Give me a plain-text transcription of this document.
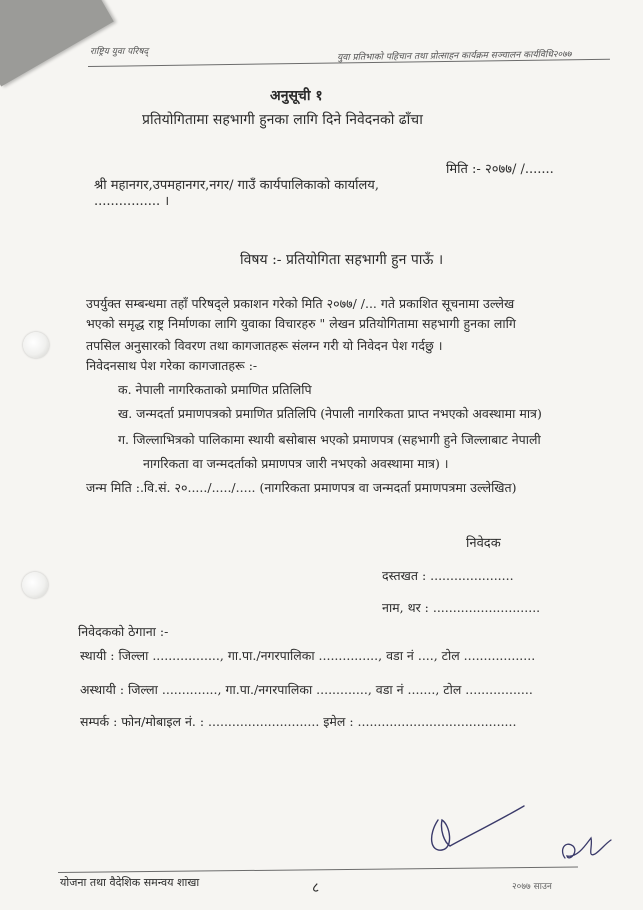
राष्ट्रिय युवा परिषद्	युवा प्रतिभाको पहिचान तथा प्रोत्साहन कार्यक्रम सञ्चालन कार्यविधि२०७७
अनुसूची १
प्रतियोगितामा सहभागी हुनका लागि दिने निवेदनको ढाँचा
मिति :- २०७७/ /.......
श्री महानगर,उपमहानगर,नगर/ गाउँ कार्यपालिकाको कार्यालय,
................ ।
विषय :- प्रतियोगिता सहभागी हुन पाऊँ ।
उपर्युक्त सम्बन्धमा तहाँ परिषद्ले प्रकाशन गरेको मिति २०७७/ /... गते प्रकाशित सूचनामा उल्लेख
भएको समृद्ध राष्ट्र निर्माणका लागि युवाका विचारहरु " लेखन प्रतियोगितामा सहभागी हुनका लागि
तपसिल अनुसारको विवरण तथा कागजातहरू संलग्न गरी यो निवेदन पेश गर्दछु ।
निवेदनसाथ पेश गरेका कागजातहरू :-
क. नेपाली नागरिकताको प्रमाणित प्रतिलिपि
ख. जन्मदर्ता प्रमाणपत्रको प्रमाणित प्रतिलिपि (नेपाली नागरिकता प्राप्त नभएको अवस्थामा मात्र)
ग. जिल्लाभित्रको पालिकामा स्थायी बसोबास भएको प्रमाणपत्र (सहभागी हुने जिल्लाबाट नेपाली
नागरिकता वा जन्मदर्ताको प्रमाणपत्र जारी नभएको अवस्थामा मात्र) ।
जन्म मिति :.वि.सं. २०...../...../..... (नागरिकता प्रमाणपत्र वा जन्मदर्ता प्रमाणपत्रमा उल्लेखित)
निवेदक
दस्तखत : .....................
नाम, थर : ...........................
निवेदकको ठेगाना :-
स्थायी : जिल्ला ................., गा.पा./नगरपालिका ..............., वडा नं ...., टोल ..................
अस्थायी : जिल्ला .............., गा.पा./नगरपालिका ............., वडा नं ......., टोल .................
सम्पर्क : फोन/मोबाइल नं. : ............................ इमेल : ........................................
योजना तथा वैदेशिक समन्वय शाखा	८	२०७७ साउन
